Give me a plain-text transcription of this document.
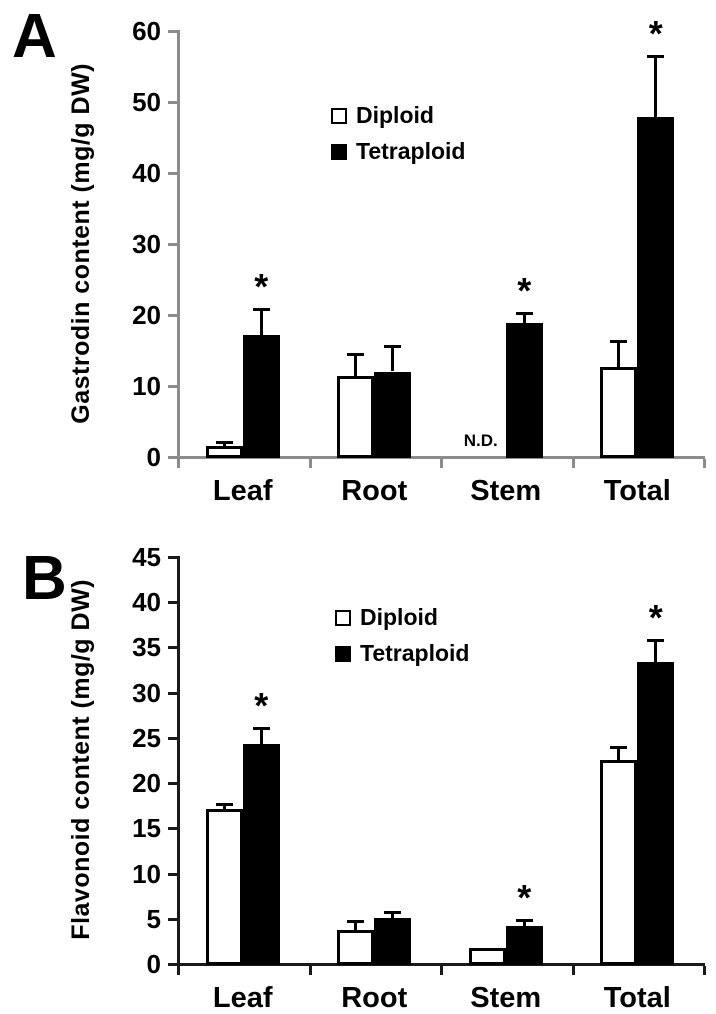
A
0
10
20
30
40
50
60
Gastrodin content (mg/g DW)
Leaf	Root	Stem	Total
N.D.
*	*
*
Diploid
Tetraploid
B
0
5
10
15
20
25
30
35
40
45
Flavonoid content (mg/g DW)
Leaf	Root	Stem	Total
*
*
*
Diploid
Tetraploid
